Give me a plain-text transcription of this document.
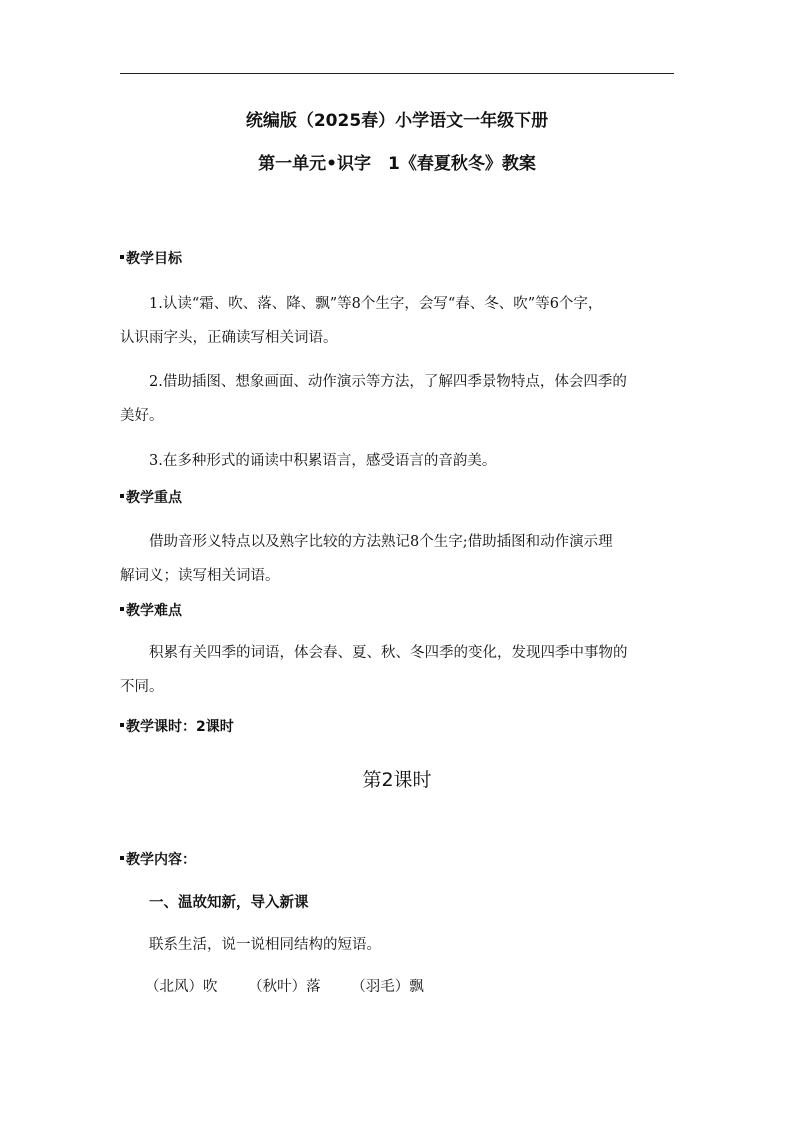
统编版（2025春）小学语文一年级下册
第一单元•识字　1《春夏秋冬》教案
教学目标
1.认读“霜、吹、落、降、飘”等8个生字，会写“春、冬、吹”等6个字，
认识雨字头，正确读写相关词语。
2.借助插图、想象画面、动作演示等方法，了解四季景物特点，体会四季的
美好。
3.在多种形式的诵读中积累语言，感受语言的音韵美。
教学重点
借助音形义特点以及熟字比较的方法熟记8个生字;借助插图和动作演示理
解词义；读写相关词语。
教学难点
积累有关四季的词语，体会春、夏、秋、冬四季的变化，发现四季中事物的
不同。
教学课时：2课时
第2课时
教学内容：
一、温故知新，导入新课
联系生活，说一说相同结构的短语。
（北风）吹 （秋叶）落 （羽毛）飘
